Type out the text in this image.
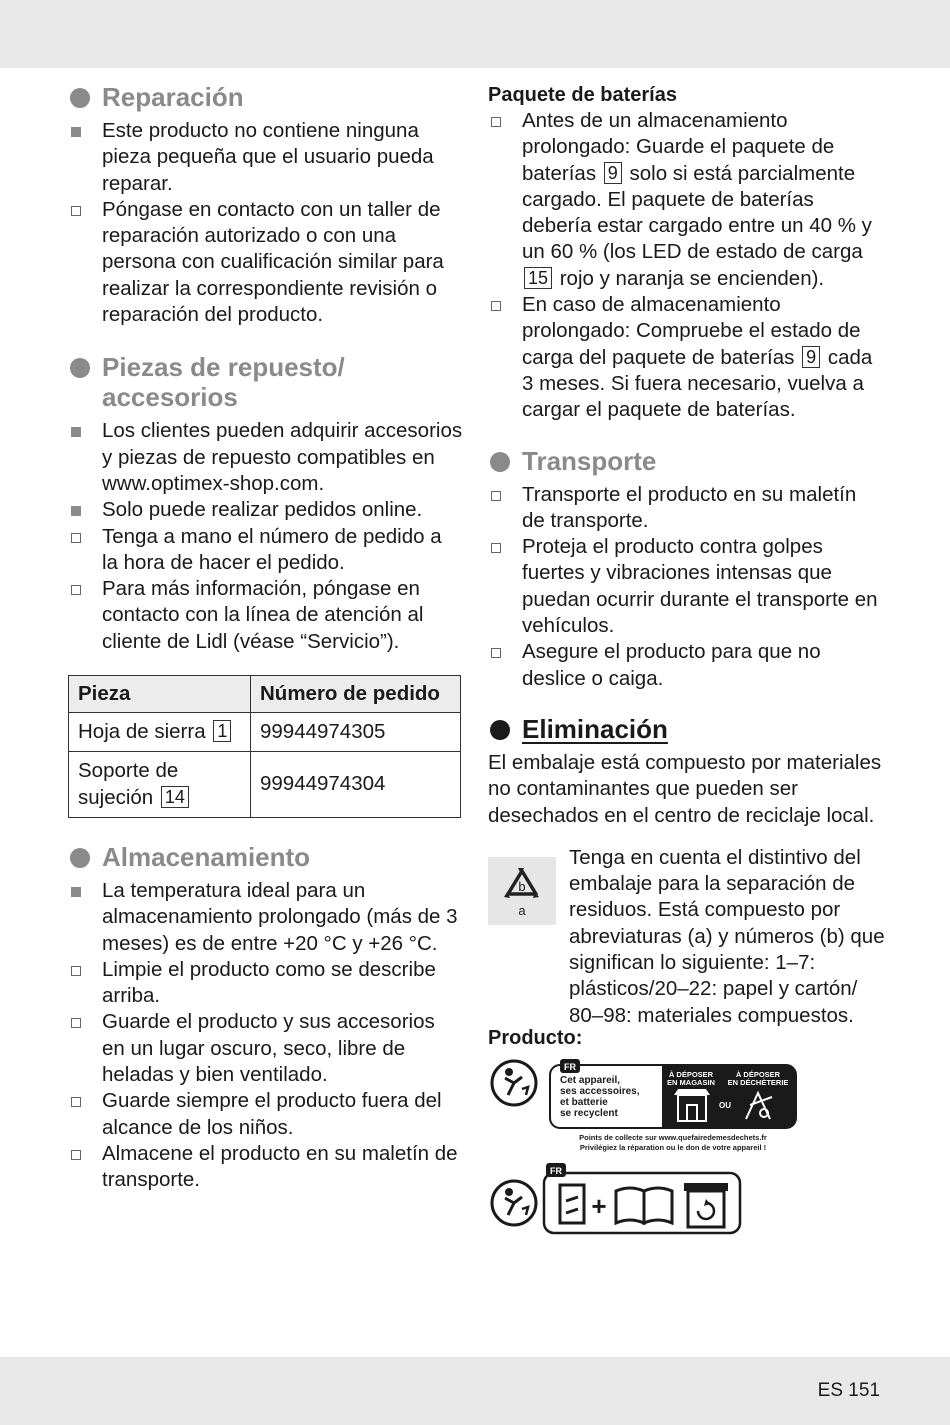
Reparación
Este producto no contiene ninguna pieza pequeña que el usuario pueda reparar.
Póngase en contacto con un taller de reparación autorizado o con una persona con cualificación similar para realizar la correspondiente revisión o reparación del producto.
Piezas de repuesto/
accesorios
Los clientes pueden adquirir accesorios y piezas de repuesto compatibles en www.optimex-shop.com.
Solo puede realizar pedidos online.
Tenga a mano el número de pedido a la hora de hacer el pedido.
Para más información, póngase en contacto con la línea de atención al cliente de Lidl (véase “Servicio”).
Pieza	Número de pedido
Hoja de sierra 1	99944974305
Soporte de
sujeción 14	99944974304
Almacenamiento
La temperatura ideal para un almacenamiento prolongado (más de 3 meses) es de entre +20 °C y +26 °C.
Limpie el producto como se describe arriba.
Guarde el producto y sus accesorios en un lugar oscuro, seco, libre de heladas y bien ventilado.
Guarde siempre el producto fuera del alcance de los niños.
Almacene el producto en su maletín de transporte.
Paquete de baterías
Antes de un almacenamiento prolongado: Guarde el paquete de baterías 9 solo si está parcialmente cargado. El paquete de baterías debería estar cargado entre un 40 % y un 60 % (los LED de estado de carga 15 rojo y naranja se encienden).
En caso de almacenamiento prolongado: Compruebe el estado de carga del paquete de baterías 9 cada 3 meses. Si fuera necesario, vuelva a cargar el paquete de baterías.
Transporte
Transporte el producto en su maletín de transporte.
Proteja el producto contra golpes fuertes y vibraciones intensas que puedan ocurrir durante el transporte en vehículos.
Asegure el producto para que no deslice o caiga.
Eliminación

El embalaje está compuesto por materiales no contaminantes que pueden ser desechados en el centro de reciclaje local.

b
a
Tenga en cuenta el distintivo del embalaje para la separación de residuos. Está compuesto por abreviaturas (a) y números (b) que significan lo siguiente: 1–7: plásticos/20–22: papel y cartón/ 80–98: materiales compuestos.
Producto:
FR
Cet appareil,
ses accessoires,
et batterie
se recyclent
À DÉPOSER
EN MAGASIN
À DÉPOSER
EN DÉCHÈTERIE
OU
Points de collecte sur www.quefairedemesdechets.fr
Privilégiez la réparation ou le don de votre appareil !
FR
+
ES 151
